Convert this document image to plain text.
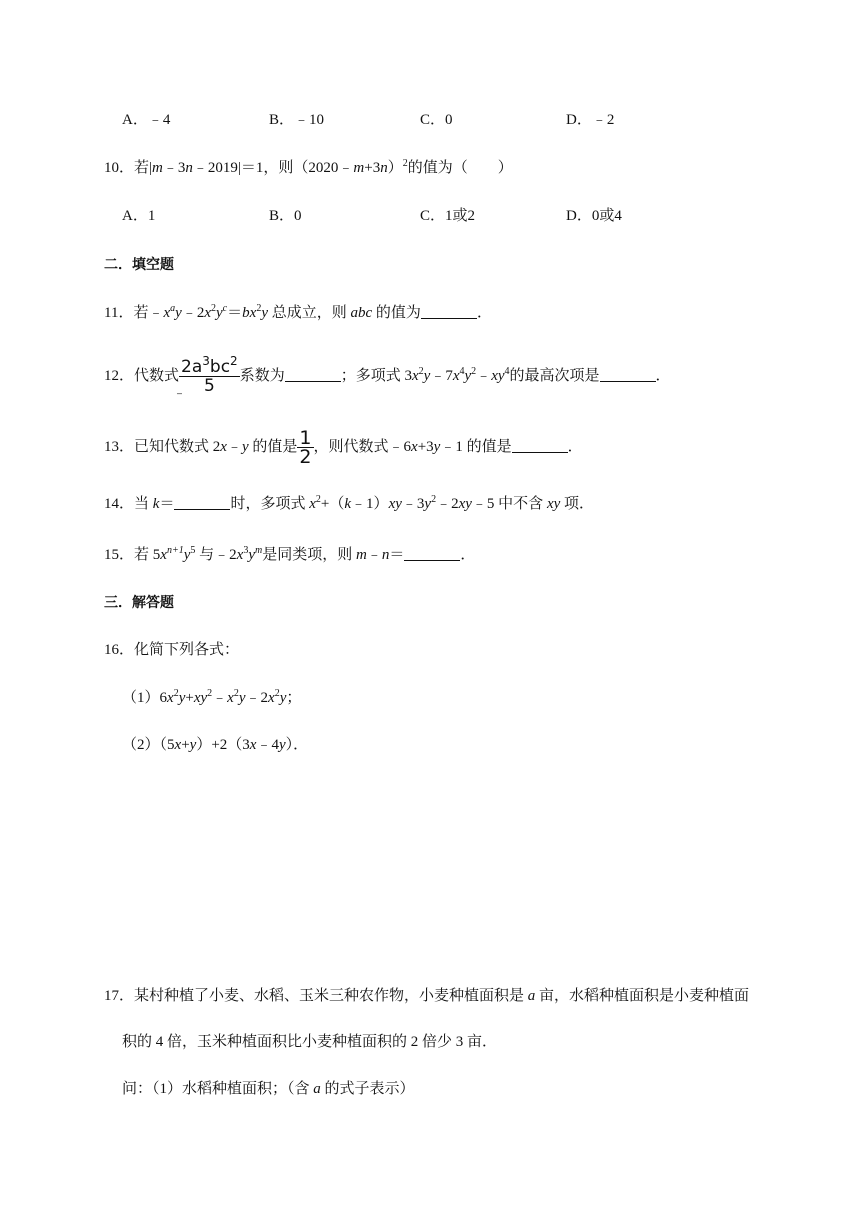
A．﹣4	B．﹣10	C．0	D．﹣2
10．若|m﹣3n﹣2019|＝1，则（2020﹣m+3n）$^2$的值为（　　）
A．1	B．0	C．1或2	D．0或4
二．填空题
11．若$﹣x^ay﹣2x^2y^c=bx^2y$ 总成立，则 abc 的值为	．
12．代数式
﹣
$2a^3bc^2$
5
系数为	；多项式 $3x^2y﹣7x^4y^2﹣xy^4$的最高次项是	．
13．已知代数式 2x﹣y 的值是 $\frac{1}{2}$ ，则代数式﹣6x+3y﹣1 的值是	．
14．当 k＝	时，多项式 $x^2+(k﹣1)xy﹣3y^2﹣2xy﹣5$ 中不含 xy 项．
15．若 $5x^{n+1}y^5$ 与$﹣2x^3y^m$是同类项，则 m﹣n＝	．
三．解答题
16．化简下列各式：
$(1)6x^2y+xy^2﹣x^2y﹣2x^2y$；
（2）（5x+y）+2（3x﹣4y）．
17．某村种植了小麦、水稻、玉米三种农作物，小麦种植面积是 a 亩，水稻种植面积是小麦种植面
积的 4 倍，玉米种植面积比小麦种植面积的 2 倍少 3 亩．
问：（1）水稻种植面积；（含 a 的式子表示）
